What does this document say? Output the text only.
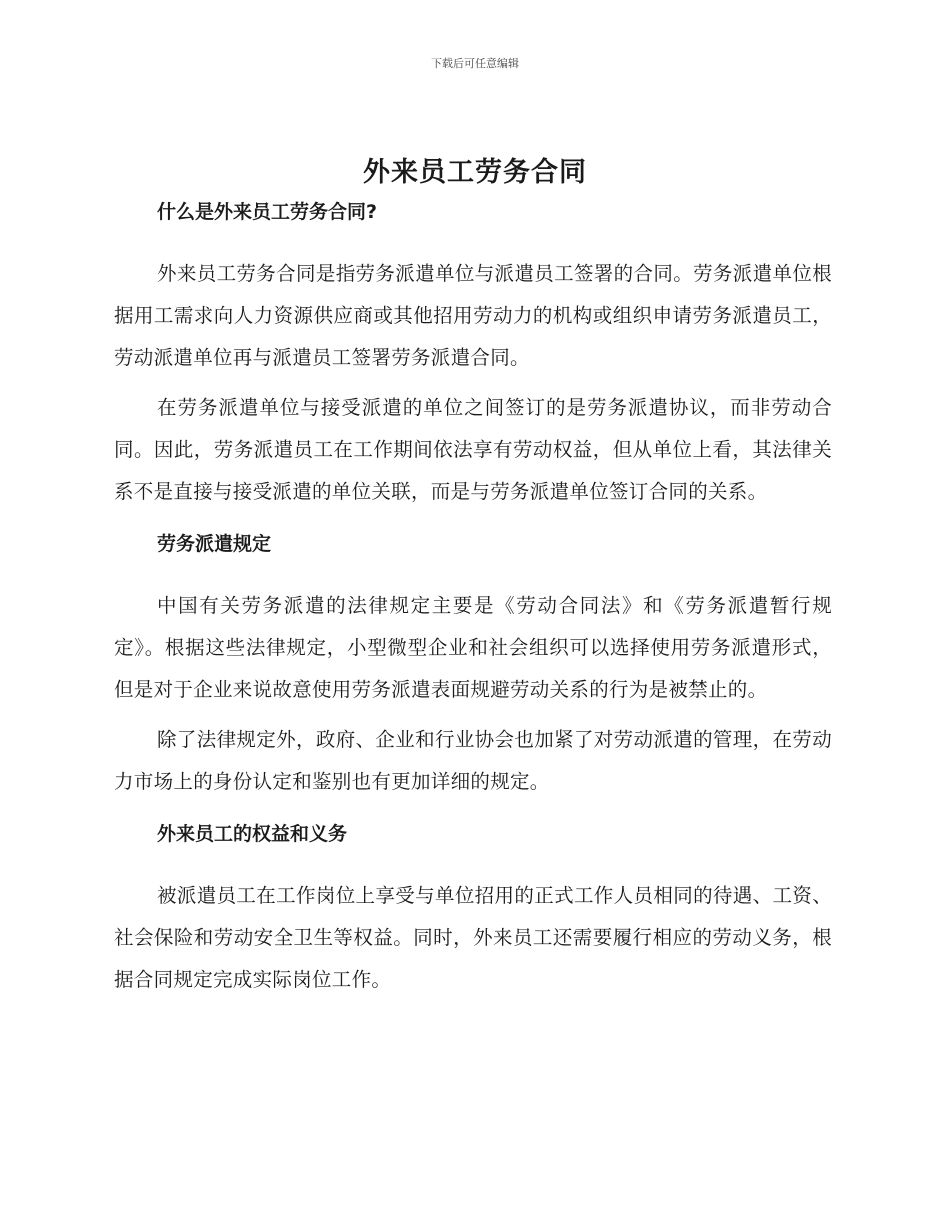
下载后可任意编辑
外来员工劳务合同
什么是外来员工劳务合同?

外来员工劳务合同是指劳务派遣单位与派遣员工签署的合同。劳务派遣单位根据用工需求向人力资源供应商或其他招用劳动力的机构或组织申请劳务派遣员工，劳动派遣单位再与派遣员工签署劳务派遣合同。

在劳务派遣单位与接受派遣的单位之间签订的是劳务派遣协议，而非劳动合同。因此，劳务派遣员工在工作期间依法享有劳动权益，但从单位上看，其法律关系不是直接与接受派遣的单位关联，而是与劳务派遣单位签订合同的关系。

劳务派遣规定

中国有关劳务派遣的法律规定主要是《劳动合同法》和《劳务派遣暂行规定》。根据这些法律规定，小型微型企业和社会组织可以选择使用劳务派遣形式，但是对于企业来说故意使用劳务派遣表面规避劳动关系的行为是被禁止的。

除了法律规定外，政府、企业和行业协会也加紧了对劳动派遣的管理，在劳动力市场上的身份认定和鉴别也有更加详细的规定。

外来员工的权益和义务

被派遣员工在工作岗位上享受与单位招用的正式工作人员相同的待遇、工资、社会保险和劳动安全卫生等权益。同时，外来员工还需要履行相应的劳动义务，根据合同规定完成实际岗位工作。
